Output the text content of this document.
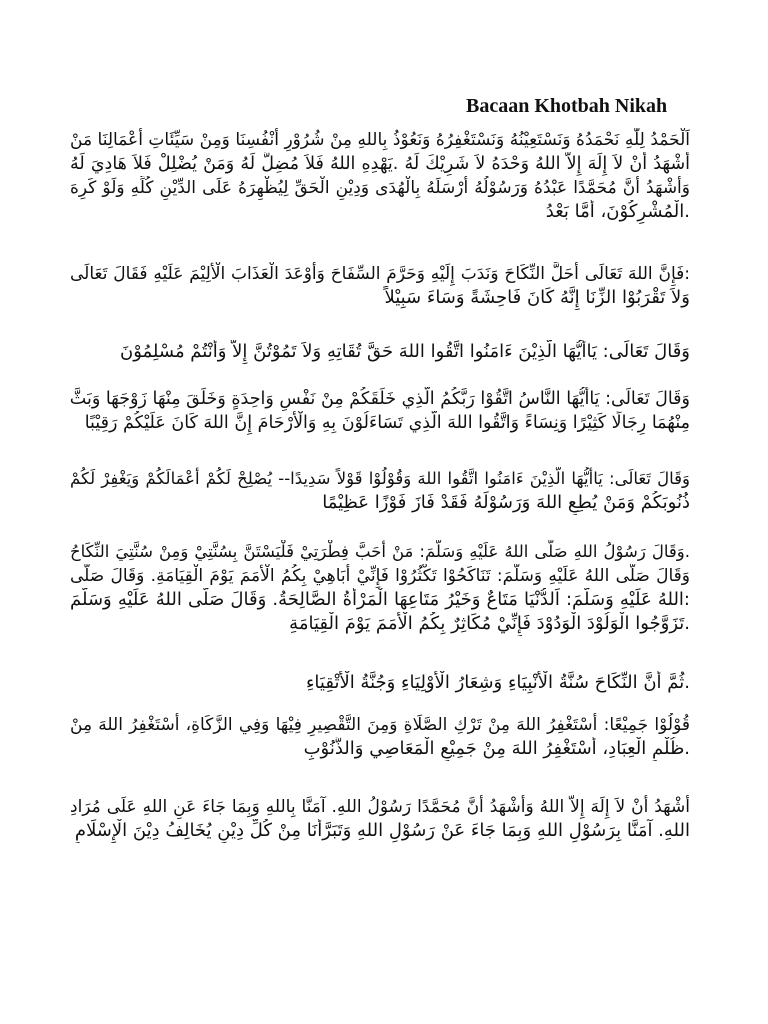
Bacaan Khotbah Nikah
اَلْحَمْدُ لِلّٰهِ نَحْمَدُهُ وَنَسْتَعِيْنُهُ وَنَسْتَغْفِرُهُ وَنَعُوْذُ بِاللهِ مِنْ شُرُوْرِ أَنْفُسِنَا وَمِنْ سَيِّئَاتِ أَعْمَالِنَا مَنْ
أَشْهَدُ أَنْ لاَ إِلَهَ إِلاَّ اللهُ وَحْدَهُ لاَ شَرِيْكَ لَهُ .يَهْدِهِ اللهُ فَلاَ مُضِلَّ لَهُ وَمَنْ يُضْلِلْ فَلاَ هَادِيَ لَهُ
وَأَشْهَدُ أَنَّ مُحَمَّدًا عَبْدُهُ وَرَسُوْلُهُ أَرْسَلَهُ بِالْهُدَى وَدِيْنِ الْحَقِّ لِيُظْهِرَهُ عَلَى الدِّيْنِ كُلِّهِ وَلَوْ كَرِهَ
.الْمُشْرِكُوْنَ، أَمَّا بَعْدُ
:فَإِنَّ اللهَ تَعَالَى أَحَلَّ النِّكَاحَ وَنَدَبَ إِلَيْهِ وَحَرَّمَ السِّفَاحَ وَأَوْعَدَ الْعَذَابَ الْأَلِيْمَ عَلَيْهِ فَقَالَ تَعَالَى
وَلاَ تَقْرَبُوْا الزِّنَا إِنَّهُ كَانَ فَاحِشَةً وَسَاءَ سَبِيْلاً
وَقَالَ تَعَالَى: يَاأَيُّهَا الَّذِيْنَ ءَامَنُوا اتَّقُوا اللهَ حَقَّ تُقَاتِهِ وَلاَ تَمُوْتُنَّ إِلاَّ وَأَنْتُمْ مُسْلِمُوْنَ
وَقَالَ تَعَالَى: يَاأَيُّهَا النَّاسُ اتَّقُوْا رَبَّكُمُ الَّذِي خَلَقَكُمْ مِنْ نَفْسٍ وَاحِدَةٍ وَخَلَقَ مِنْهَا زَوْجَهَا وَبَثَّ
مِنْهُمَا رِجَالًا كَثِيْرًا وَنِسَاءً وَاتَّقُوا اللهَ الَّذِي تَسَاءَلُوْنَ بِهِ وَالْأَرْحَامَ إِنَّ اللهَ كَانَ عَلَيْكُمْ رَقِيْبًا
وَقَالَ تَعَالَى: يَاأَيُّهَا الَّذِيْنَ ءَامَنُوا اتَّقُوا اللهَ وَقُوْلُوْا قَوْلاً سَدِيدًا-- يُصْلِحْ لَكُمْ أَعْمَالَكُمْ وَيَغْفِرْ لَكُمْ
ذُنُوبَكُمْ وَمَنْ يُطِعِ اللهَ وَرَسُوْلَهُ فَقَدْ فَازَ فَوْزًا عَظِيْمًا
.وَقَالَ رَسُوْلُ اللهِ صَلَّى اللهُ عَلَيْهِ وَسَلَّمَ: مَنْ أَحَبَّ فِطْرَتِيْ فَلْيَسْتَنَّ بِسُنَّتِيْ وَمِنْ سُنَّتِيَ النِّكَاحُ
وَقَالَ صَلَّى اللهُ عَلَيْهِ وَسَلَّمَ: تَنَاكَحُوْا تَكْثُرُوْا فَإِنِّيْ أُبَاهِيْ بِكُمُ الْأُمَمَ يَوْمَ الْقِيَامَةِ. وَقَالَ صَلَّى
:اللهُ عَلَيْهِ وَسَلَّمَ: اَلدُّنْيَا مَتَاعٌ وَخَيْرُ مَتَاعِهَا الْمَرْأَةُ الصَّالِحَةُ. وَقَالَ صَلَّى اللهُ عَلَيْهِ وَسَلَّمَ
.تَزَوَّجُوا الْوَلُوْدَ الْوَدُوْدَ فَإِنِّيْ مُكَاثِرٌ بِكُمُ الْأُمَمَ يَوْمَ الْقِيَامَةِ
.ثُمَّ أَنَّ النِّكَاحَ سُنَّةُ الْأَنْبِيَاءِ وَشِعَارُ الْأَوْلِيَاءِ وَجُنَّةُ الْأَتْقِيَاءِ
قُوْلُوْا جَمِيْعًا: أَسْتَغْفِرُ اللهَ مِنْ تَرْكِ الصَّلَاةِ وَمِنَ التَّقْصِيرِ فِيْهَا وَفِي الزَّكَاةِ، أَسْتَغْفِرُ اللهَ مِنْ
.ظُلْمِ الْعِبَادِ، أَسْتَغْفِرُ اللهَ مِنْ جَمِيْعِ الْمَعَاصِي وَالذُّنُوْبِ
أَشْهَدُ أَنْ لاَ إِلَهَ إِلاَّ اللهُ وَأَشْهَدُ أَنَّ مُحَمَّدًا رَسُوْلُ اللهِ. آمَنَّا بِاللهِ وَبِمَا جَاءَ عَنِ اللهِ عَلَى مُرَادِ
اللهِ. آمَنَّا بِرَسُوْلِ اللهِ وَبِمَا جَاءَ عَنْ رَسُوْلِ اللهِ وَتَبَرَّأْنَا مِنْ كُلِّ دِيْنٍ يُخَالِفُ دِيْنَ الْإِسْلَامِ
